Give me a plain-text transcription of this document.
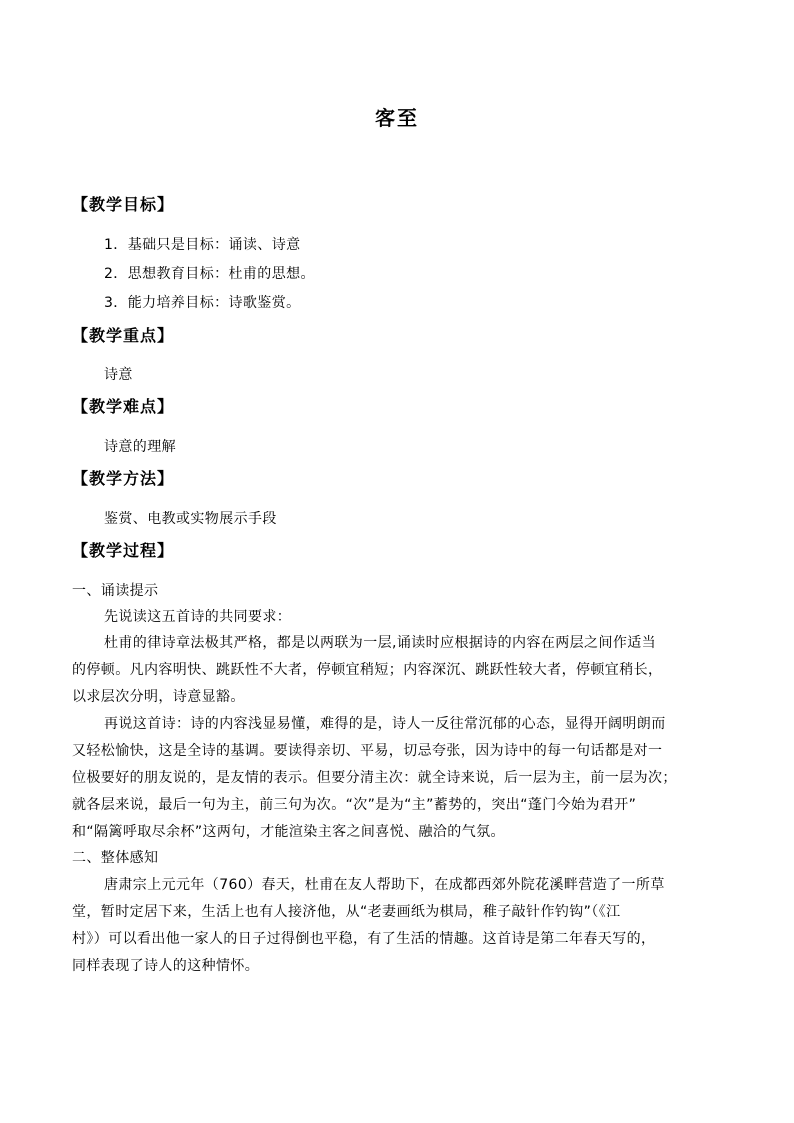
客至
【教学目标】
1．基础只是目标：诵读、诗意
2．思想教育目标：杜甫的思想。
3．能力培养目标：诗歌鉴赏。
【教学重点】
诗意
【教学难点】
诗意的理解
【教学方法】
鉴赏、电教或实物展示手段
【教学过程】
一、诵读提示
先说读这五首诗的共同要求：
杜甫的律诗章法极其严格，都是以两联为一层,诵读时应根据诗的内容在两层之间作适当
的停顿。凡内容明快、跳跃性不大者，停顿宜稍短；内容深沉、跳跃性较大者，停顿宜稍长，
以求层次分明，诗意显豁。
再说这首诗：诗的内容浅显易懂，难得的是，诗人一反往常沉郁的心态，显得开阔明朗而
又轻松愉快，这是全诗的基调。要读得亲切、平易，切忌夸张，因为诗中的每一句话都是对一
位极要好的朋友说的，是友情的表示。但要分清主次：就全诗来说，后一层为主，前一层为次；
就各层来说，最后一句为主，前三句为次。“次”是为“主”蓄势的，突出“蓬门今始为君开”
和“隔篱呼取尽余杯”这两句，才能渲染主客之间喜悦、融洽的气氛。
二、整体感知
唐肃宗上元元年（760）春天，杜甫在友人帮助下，在成都西郊外院花溪畔营造了一所草
堂，暂时定居下来，生活上也有人接济他，从“老妻画纸为棋局，稚子敲针作钓钩”（《江
村》）可以看出他一家人的日子过得倒也平稳，有了生活的情趣。这首诗是第二年春天写的，
同样表现了诗人的这种情怀。
